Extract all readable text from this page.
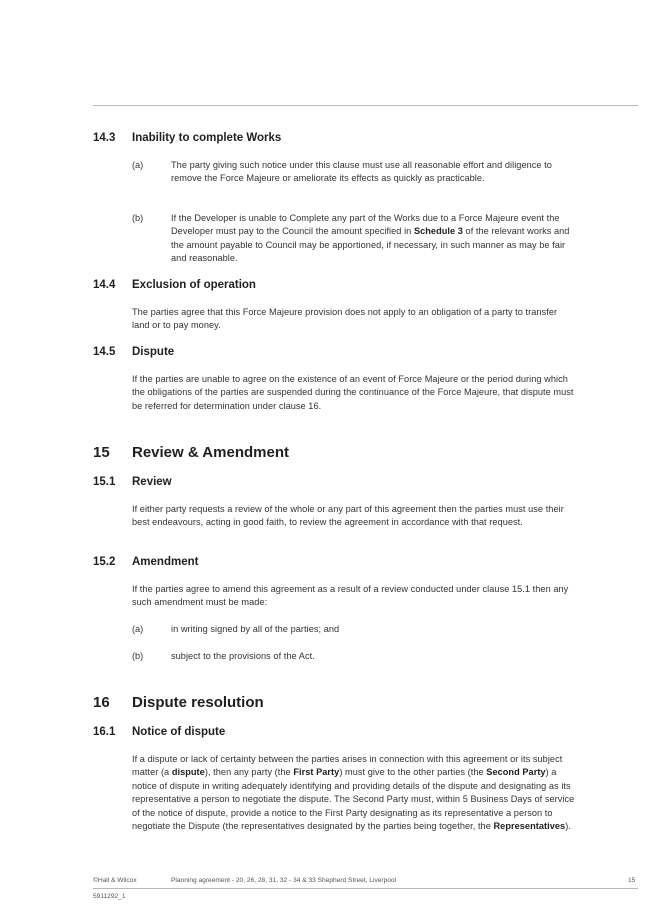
14.3 Inability to complete Works
(a)	The party giving such notice under this clause must use all reasonable effort and diligence to remove the Force Majeure or ameliorate its effects as quickly as practicable.
(b)	If the Developer is unable to Complete any part of the Works due to a Force Majeure event the Developer must pay to the Council the amount specified in Schedule 3 of the relevant works and the amount payable to Council may be apportioned, if necessary, in such manner as may be fair and reasonable.
14.4 Exclusion of operation
The parties agree that this Force Majeure provision does not apply to an obligation of a party to transfer land or to pay money.
14.5 Dispute
If the parties are unable to agree on the existence of an event of Force Majeure or the period during which the obligations of the parties are suspended during the continuance of the Force Majeure, that dispute must be referred for determination under clause 16.
15 Review & Amendment
15.1 Review
If either party requests a review of the whole or any part of this agreement then the parties must use their best endeavours, acting in good faith, to review the agreement in accordance with that request.
15.2 Amendment
If the parties agree to amend this agreement as a result of a review conducted under clause 15.1 then any such amendment must be made:
(a)	in writing signed by all of the parties; and
(b)	subject to the provisions of the Act.
16 Dispute resolution
16.1 Notice of dispute
If a dispute or lack of certainty between the parties arises in connection with this agreement or its subject matter (a dispute), then any party (the First Party) must give to the other parties (the Second Party) a notice of dispute in writing adequately identifying and providing details of the dispute and designating as its representative a person to negotiate the dispute. The Second Party must, within 5 Business Days of service of the notice of dispute, provide a notice to the First Party designating as its representative a person to negotiate the Dispute (the representatives designated by the parties being together, the Representatives).
©Hall & Wilcox	Planning agreement - 20, 26, 28, 31, 32 - 34 & 33 Shepherd Street, Liverpool	15
5911292_1
